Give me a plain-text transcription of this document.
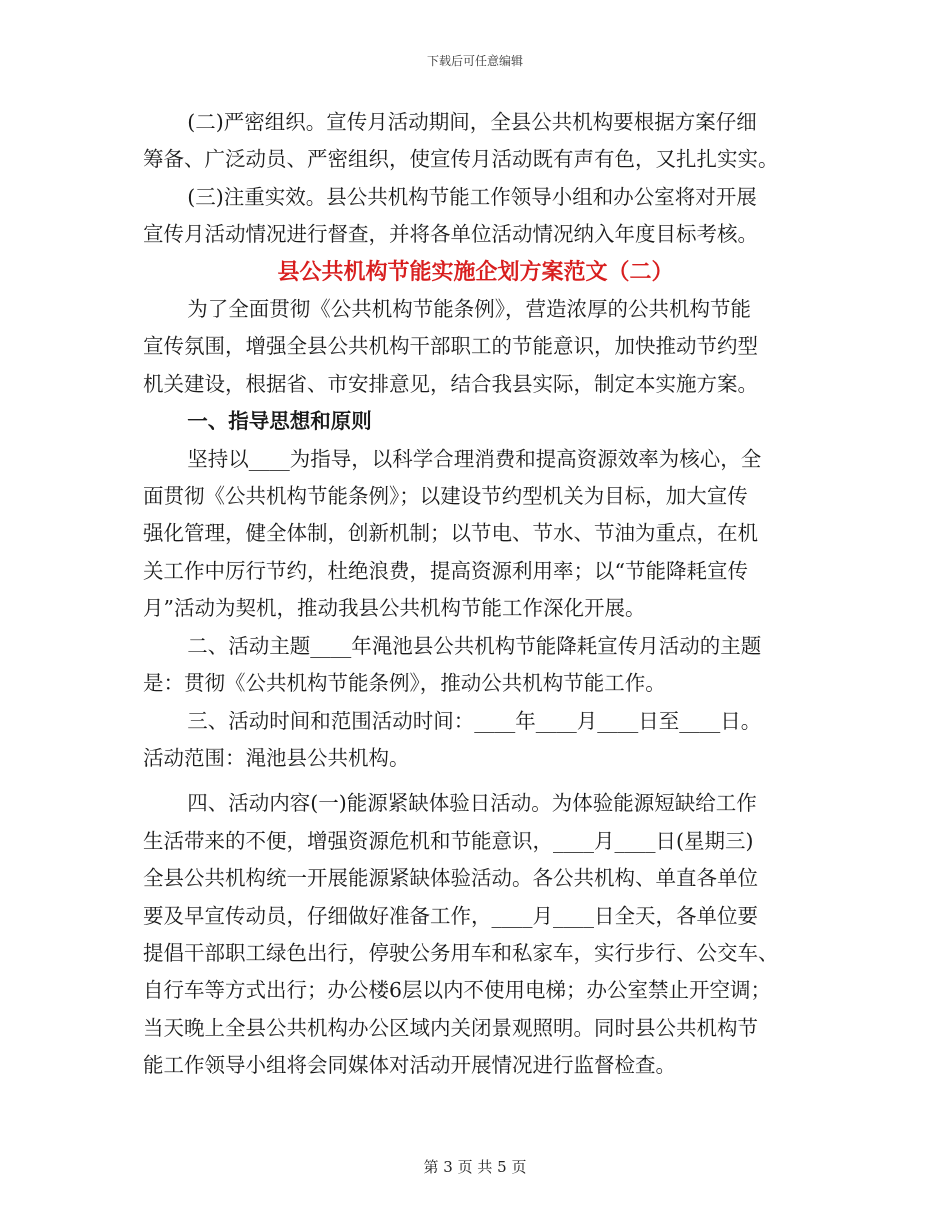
下载后可任意编辑
(二)严密组织。宣传月活动期间，全县公共机构要根据方案仔细
筹备、广泛动员、严密组织，使宣传月活动既有声有色，又扎扎实实。
(三)注重实效。县公共机构节能工作领导小组和办公室将对开展
宣传月活动情况进行督查，并将各单位活动情况纳入年度目标考核。
县公共机构节能实施企划方案范文（二）
为了全面贯彻《公共机构节能条例》，营造浓厚的公共机构节能
宣传氛围，增强全县公共机构干部职工的节能意识，加快推动节约型
机关建设，根据省、市安排意见，结合我县实际，制定本实施方案。
一、指导思想和原则
坚持以____为指导，以科学合理消费和提高资源效率为核心，全
面贯彻《公共机构节能条例》；以建设节约型机关为目标，加大宣传
强化管理，健全体制，创新机制；以节电、节水、节油为重点，在机
关工作中厉行节约，杜绝浪费，提高资源利用率；以“节能降耗宣传
月”活动为契机，推动我县公共机构节能工作深化开展。
二、活动主题____年渑池县公共机构节能降耗宣传月活动的主题
是：贯彻《公共机构节能条例》，推动公共机构节能工作。
三、活动时间和范围活动时间：____年____月____日至____日。
活动范围：渑池县公共机构。
四、活动内容(一)能源紧缺体验日活动。为体验能源短缺给工作
生活带来的不便，增强资源危机和节能意识，____月____日(星期三)
全县公共机构统一开展能源紧缺体验活动。各公共机构、单直各单位
要及早宣传动员，仔细做好准备工作，____月____日全天，各单位要
提倡干部职工绿色出行，停驶公务用车和私家车，实行步行、公交车、
自行车等方式出行；办公楼6层以内不使用电梯；办公室禁止开空调；
当天晚上全县公共机构办公区域内关闭景观照明。同时县公共机构节
能工作领导小组将会同媒体对活动开展情况进行监督检查。
第 3 页 共 5 页
